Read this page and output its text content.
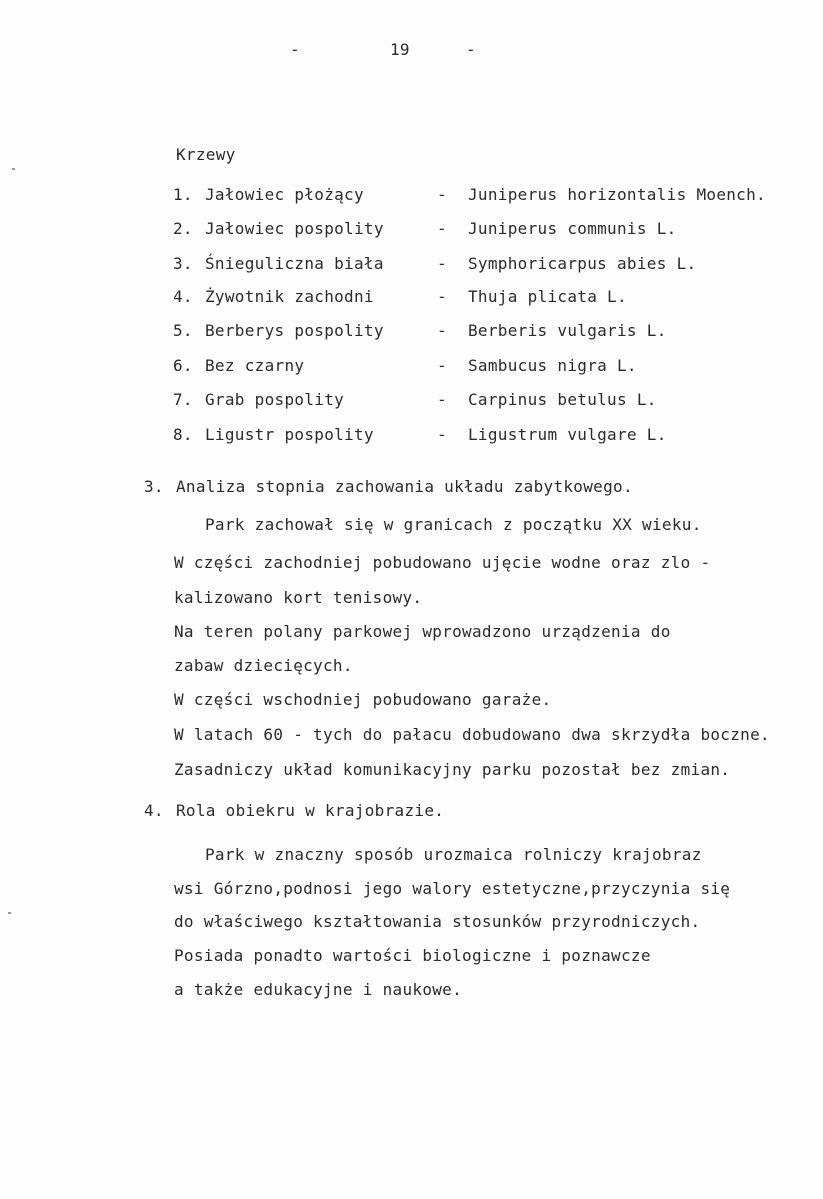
-	19	-
Krzewy
1. Jałowiec płożący	- Juniperus horizontalis Moench.
2. Jałowiec pospolity	- Juniperus communis L.
3. Śnieguliczna biała	- Symphoricarpus abies L.
4. Żywotnik zachodni	- Thuja plicata L.
5. Berberys pospolity	- Berberis vulgaris L.
6. Bez czarny	- Sambucus nigra L.
7. Grab pospolity	- Carpinus betulus L.
8. Ligustr pospolity	- Ligustrum vulgare L.
3. Analiza stopnia zachowania układu zabytkowego.
Park zachował się w granicach z początku XX wieku.
W części zachodniej pobudowano ujęcie wodne oraz zlo -
kalizowano kort tenisowy.
Na teren polany parkowej wprowadzono urządzenia do
zabaw dziecięcych.
W części wschodniej pobudowano garaże.
W latach 60 - tych do pałacu dobudowano dwa skrzydła boczne.
Zasadniczy układ komunikacyjny parku pozostał bez zmian.
4. Rola obiekru w krajobrazie.
Park w znaczny sposób urozmaica rolniczy krajobraz
wsi Górzno,podnosi jego walory estetyczne,przyczynia się
do właściwego kształtowania stosunków przyrodniczych.
Posiada ponadto wartości biologiczne i poznawcze
a także edukacyjne i naukowe.
